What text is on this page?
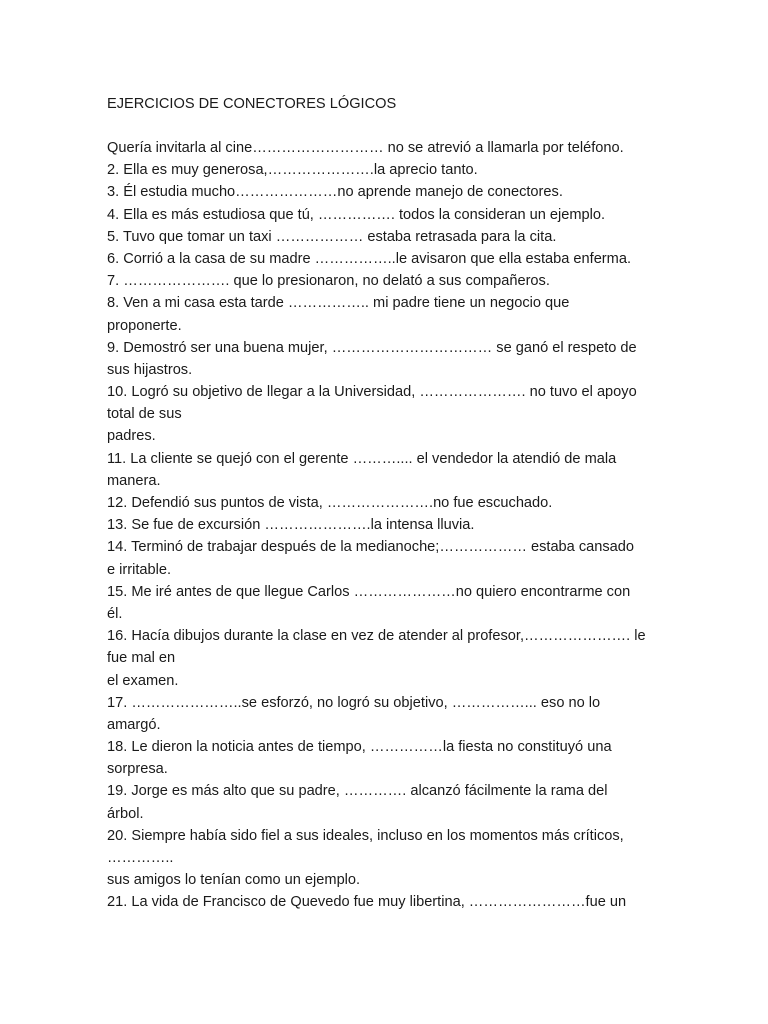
EJERCICIOS DE CONECTORES LÓGICOS
Quería invitarla al cine……………………… no se atrevió a llamarla por teléfono.
2. Ella es muy generosa,………………….la aprecio tanto.
3. Él estudia mucho…………………no aprende manejo de conectores.
4. Ella es más estudiosa que tú, ……………. todos la consideran un ejemplo.
5. Tuvo que tomar un taxi ……………… estaba retrasada para la cita.
6. Corrió a la casa de su madre ……………..le avisaron que ella estaba enferma.
7. …………………. que lo presionaron, no delató a sus compañeros.
8. Ven a mi casa esta tarde …………….. mi padre tiene un negocio que
proponerte.
9. Demostró ser una buena mujer, …………………………… se ganó el respeto de
sus hijastros.
10. Logró su objetivo de llegar a la Universidad, …………………. no tuvo el apoyo
total de sus
padres.
11. La cliente se quejó con el gerente ……….... el vendedor la atendió de mala
manera.
12. Defendió sus puntos de vista, ………………….no fue escuchado.
13. Se fue de excursión ………………….la intensa lluvia.
14. Terminó de trabajar después de la medianoche;……………… estaba cansado
e irritable.
15. Me iré antes de que llegue Carlos …………………no quiero encontrarme con
él.
16. Hacía dibujos durante la clase en vez de atender al profesor,…………………. le
fue mal en
el examen.
17. …………………..se esforzó, no logró su objetivo, ……………... eso no lo
amargó.
18. Le dieron la noticia antes de tiempo, ……………la fiesta no constituyó una
sorpresa.
19. Jorge es más alto que su padre, …………. alcanzó fácilmente la rama del
árbol.
20. Siempre había sido fiel a sus ideales, incluso en los momentos más críticos,
…………..
sus amigos lo tenían como un ejemplo.
21. La vida de Francisco de Quevedo fue muy libertina, ……………………fue un
